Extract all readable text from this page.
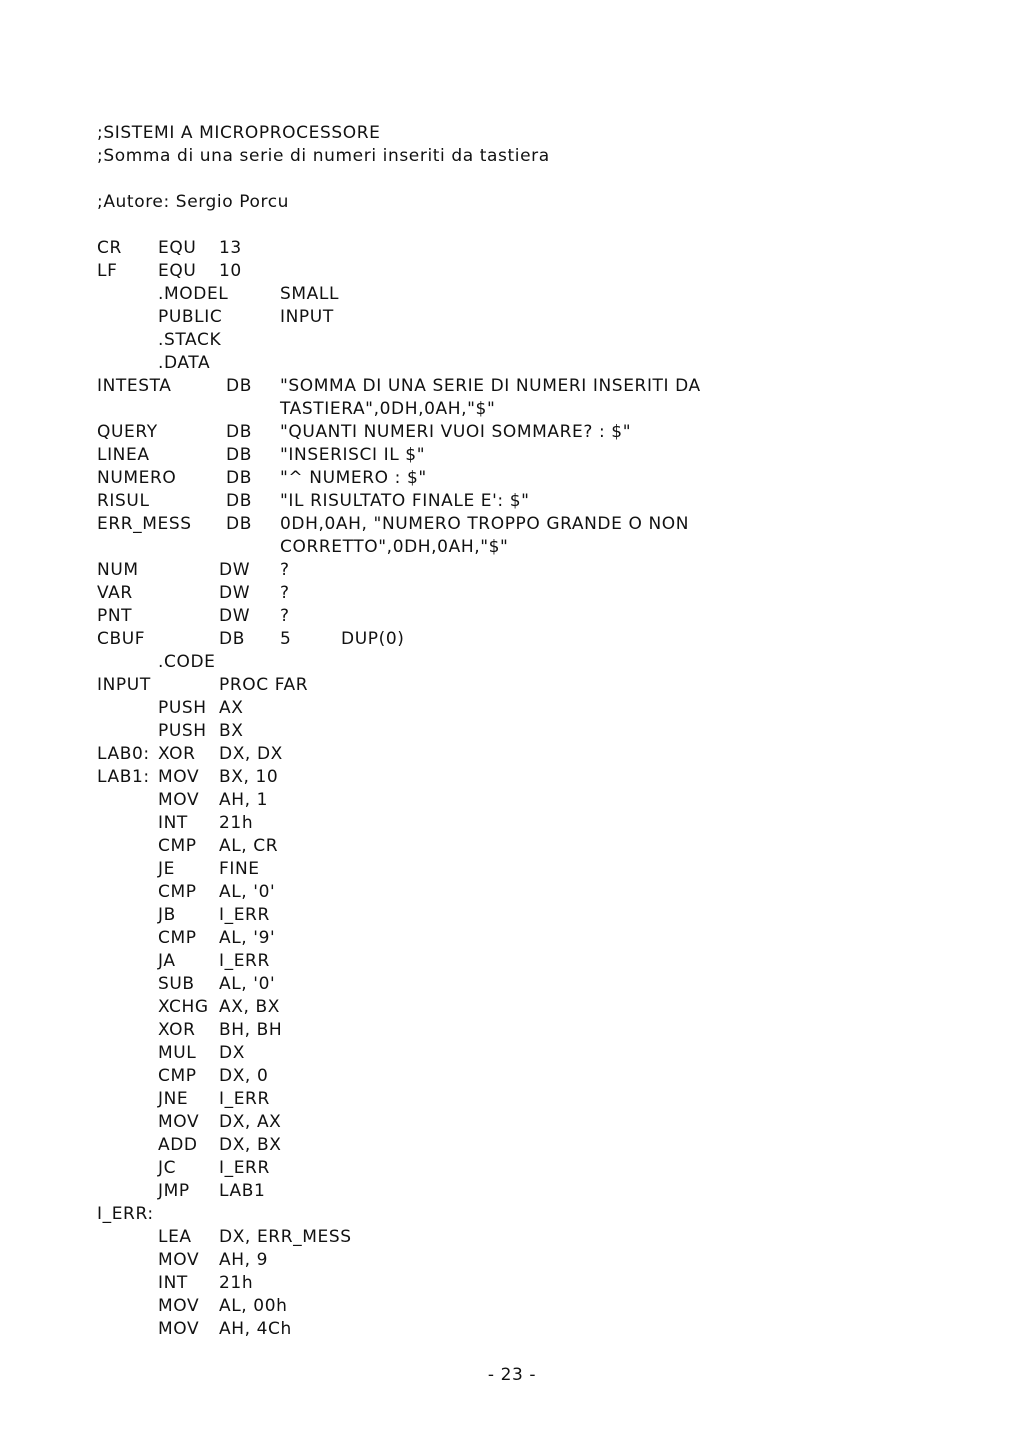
;SISTEMI A MICROPROCESSORE
;Somma di una serie di numeri inseriti da tastiera
;Autore: Sergio Porcu
CR EQU 13
LF EQU 10
.MODEL	SMALL
PUBLIC	INPUT
.STACK
.DATA
INTESTA	DB "SOMMA DI UNA SERIE DI NUMERI INSERITI DA
TASTIERA",0DH,0AH,"$"
QUERY	DB "QUANTI NUMERI VUOI SOMMARE? : $"
LINEA	DB "INSERISCI IL $"
NUMERO	DB "^ NUMERO : $"
RISUL	DB "IL RISULTATO FINALE E': $"
ERR_MESS DB 0DH,0AH, "NUMERO TROPPO GRANDE O NON
CORRETTO",0DH,0AH,"$"
NUM	DW ?
VAR	DW ?
PNT	DW ?
CBUF	DB 5	DUP(0)
.CODE
INPUT	PROC FAR
PUSH AX
PUSH BX
LAB0: XOR DX, DX
LAB1: MOV BX, 10
MOV AH, 1
INT 21h
CMP AL, CR
JE	FINE
CMP AL, '0'
JB	I_ERR
CMP AL, '9'
JA	I_ERR
SUB AL, '0'
XCHG AX, BX
XOR BH, BH
MUL DX
CMP DX, 0
JNE I_ERR
MOV DX, AX
ADD DX, BX
JC	I_ERR
JMP LAB1
I_ERR:
LEA DX, ERR_MESS
MOV AH, 9
INT 21h
MOV AL, 00h
MOV AH, 4Ch
- 23 -
